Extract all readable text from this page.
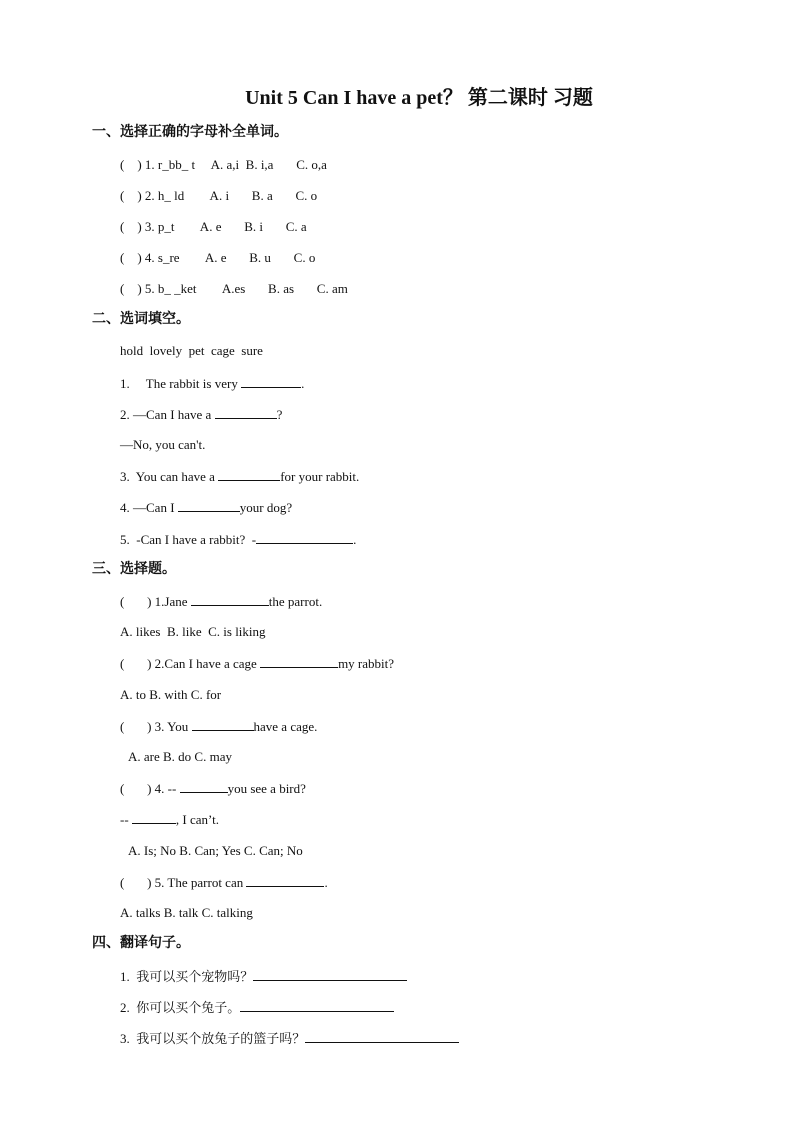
Unit 5 Can I have a pet？ 第二课时 习题
一、选择正确的字母补全单词。
(    ) 1. r_bb_ t     A. a,i  B. i,a       C. o,a
(    ) 2. h_ ld        A. i       B. a       C. o
(    ) 3. p_t        A. e       B. i       C. a
(    ) 4. s_re        A. e       B. u       C. o
(    ) 5. b_ _ket        A.es       B. as       C. am
二、选词填空。
hold  lovely  pet  cage  sure
1.     The rabbit is very	.
2. —Can I have a	?
—No, you can't.
3.  You can have a	for your rabbit.
4. —Can I	your dog?
5.  -Can I have a rabbit?  -	.
三、选择题。
(       ) 1.Jane	the parrot.
A. likes  B. like  C. is liking
(       ) 2.Can I have a cage	my rabbit?
A. to B. with C. for
(       ) 3. You	have a cage.
A. are B. do C. may
(       ) 4. --	you see a bird?
--	, I can’t.
A. Is; No B. Can; Yes C. Can; No
(       ) 5. The parrot can	.
A. talks B. talk C. talking
四、翻译句子。
1.  我可以买个宠物吗？
2.  你可以买个兔子。
3.  我可以买个放兔子的篮子吗？
